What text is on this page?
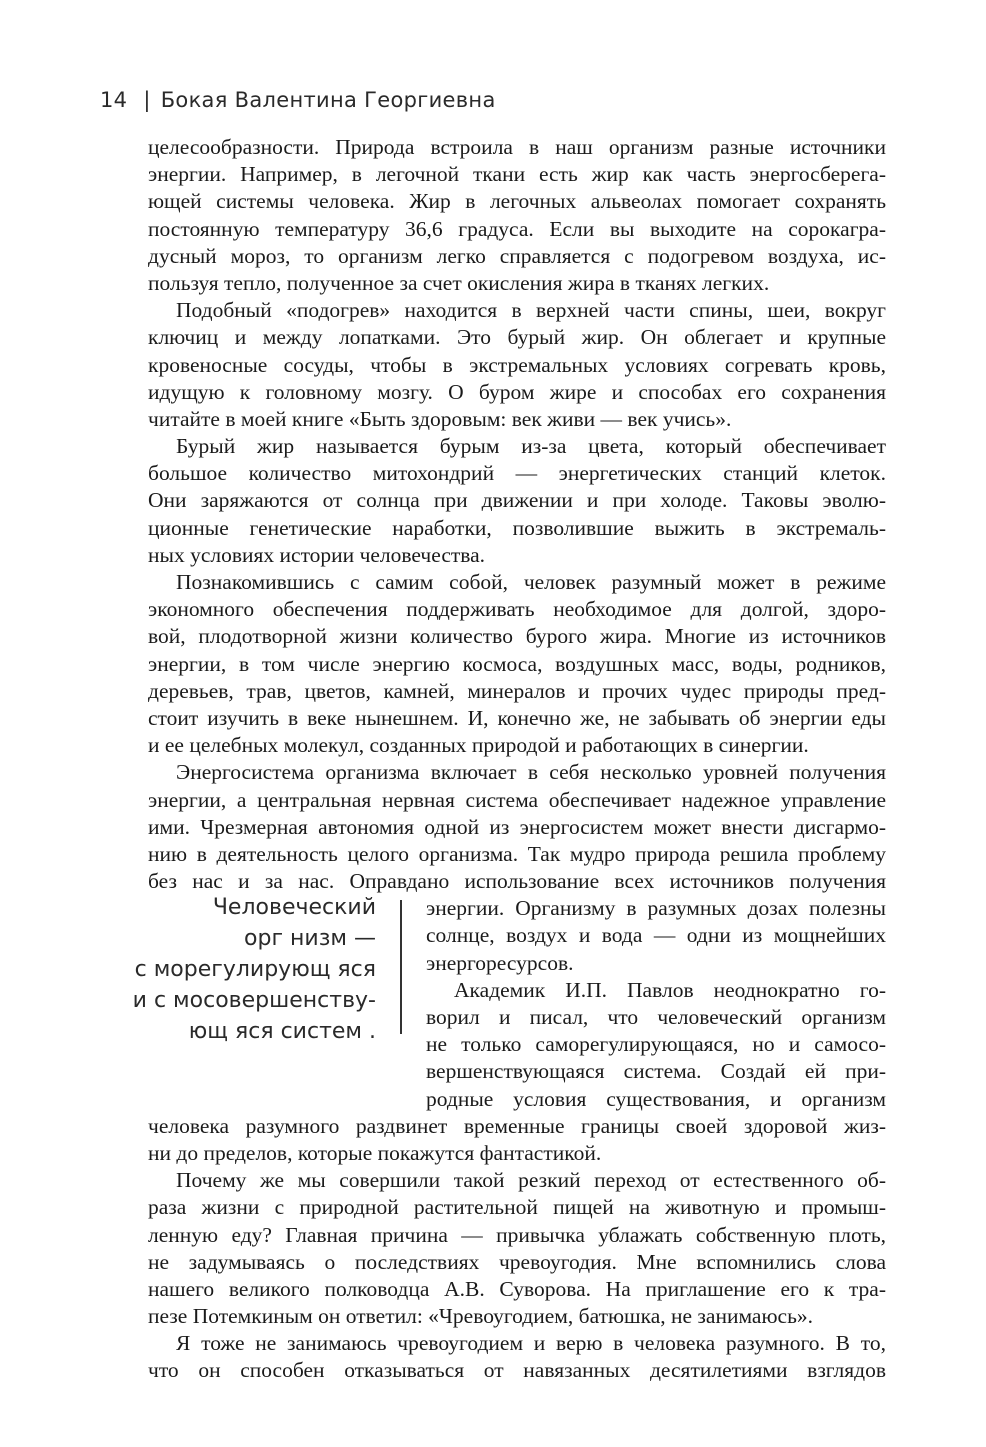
14 | Бокая Валентина Георгиевна
целесообразности. Природа встроила в наш организм разные источники
энергии. Например, в легочной ткани есть жир как часть энергосберега-
ющей системы человека. Жир в легочных альвеолах помогает сохранять
постоянную температуру 36,6 градуса. Если вы выходите на сорокагра-
дусный мороз, то организм легко справляется с подогревом воздуха, ис-
пользуя тепло, полученное за счет окисления жира в тканях легких.
Подобный «подогрев» находится в верхней части спины, шеи, вокруг
ключиц и между лопатками. Это бурый жир. Он облегает и крупные
кровеносные сосуды, чтобы в экстремальных условиях согревать кровь,
идущую к головному мозгу. О буром жире и способах его сохранения
читайте в моей книге «Быть здоровым: век живи — век учись».
Бурый жир называется бурым из-за цвета, который обеспечивает
большое количество митохондрий — энергетических станций клеток.
Они заряжаются от солнца при движении и при холоде. Таковы эволю-
ционные генетические наработки, позволившие выжить в экстремаль-
ных условиях истории человечества.
Познакомившись с самим собой, человек разумный может в режиме
экономного обеспечения поддерживать необходимое для долгой, здоро-
вой, плодотворной жизни количество бурого жира. Многие из источников
энергии, в том числе энергию космоса, воздушных масс, воды, родников,
деревьев, трав, цветов, камней, минералов и прочих чудес природы пред-
стоит изучить в веке нынешнем. И, конечно же, не забывать об энергии еды
и ее целебных молекул, созданных природой и работающих в синергии.
Энергосистема организма включает в себя несколько уровней получения
энергии, а центральная нервная система обеспечивает надежное управление
ими. Чрезмерная автономия одной из энергосистем может внести дисгармо-
нию в деятельность целого организма. Так мудро природа решила проблему
без нас и за нас. Оправдано использование всех источников получения
энергии. Организму в разумных дозах полезны
солнце, воздух и вода — одни из мощнейших
энергоресурсов.
Академик И.П. Павлов неоднократно го-
ворил и писал, что человеческий организм
не только саморегулирующаяся, но и самосо-
вершенствующаяся система. Создай ей при-
родные условия существования, и организм
человека разумного раздвинет временные границы своей здоровой жиз-
ни до пределов, которые покажутся фантастикой.
Почему же мы совершили такой резкий переход от естественного об-
раза жизни с природной растительной пищей на животную и промыш-
ленную еду? Главная причина — привычка ублажать собственную плоть,
не задумываясь о последствиях чревоугодия. Мне вспомнились слова
нашего великого полководца А.В. Суворова. На приглашение его к тра-
пезе Потемкиным он ответил: «Чревоугодием, батюшка, не занимаюсь».
Я тоже не занимаюсь чревоугодием и верю в человека разумного. В то,
что он способен отказываться от навязанных десятилетиями взглядов
Человеческий
орг низм —
с морегулирующ яся
и с мосовершенству-
ющ яся систем .
